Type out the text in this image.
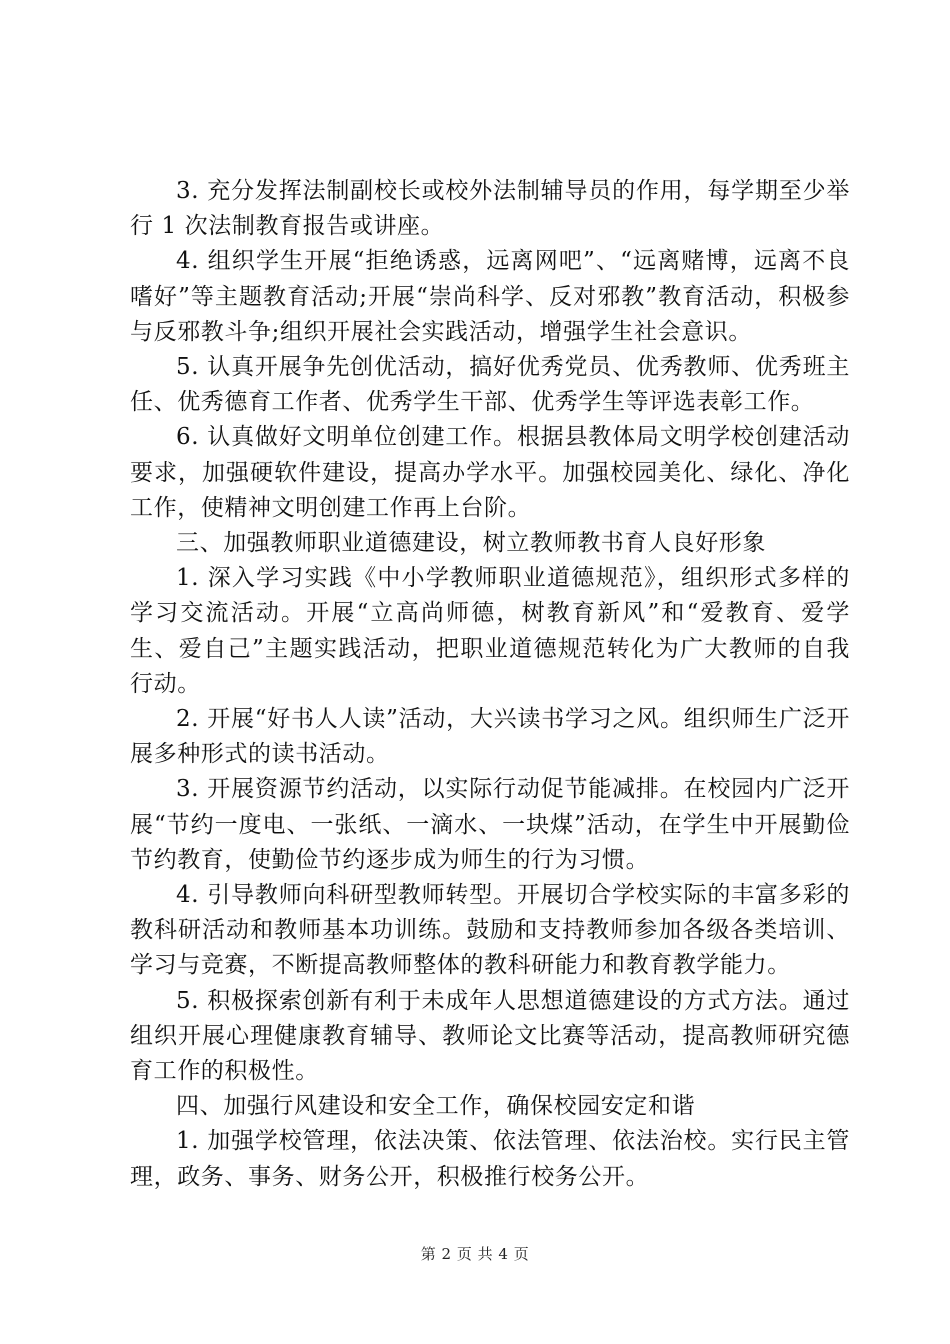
3. 充分发挥法制副校长或校外法制辅导员的作用，每学期至少举行 1 次法制教育报告或讲座。

4. 组织学生开展“拒绝诱惑，远离网吧”、“远离赌博，远离不良嗜好”等主题教育活动;开展“崇尚科学、反对邪教”教育活动，积极参与反邪教斗争;组织开展社会实践活动，增强学生社会意识。

5. 认真开展争先创优活动，搞好优秀党员、优秀教师、优秀班主任、优秀德育工作者、优秀学生干部、优秀学生等评选表彰工作。

6. 认真做好文明单位创建工作。根据县教体局文明学校创建活动要求，加强硬软件建设，提高办学水平。加强校园美化、绿化、净化工作，使精神文明创建工作再上台阶。

三、加强教师职业道德建设，树立教师教书育人良好形象

1. 深入学习实践《中小学教师职业道德规范》，组织形式多样的学习交流活动。开展“立高尚师德，树教育新风”和“爱教育、爱学生、爱自己”主题实践活动，把职业道德规范转化为广大教师的自我行动。

2. 开展“好书人人读”活动，大兴读书学习之风。组织师生广泛开展多种形式的读书活动。

3. 开展资源节约活动，以实际行动促节能减排。在校园内广泛开展“节约一度电、一张纸、一滴水、一块煤”活动，在学生中开展勤俭节约教育，使勤俭节约逐步成为师生的行为习惯。

4. 引导教师向科研型教师转型。开展切合学校实际的丰富多彩的教科研活动和教师基本功训练。鼓励和支持教师参加各级各类培训、学习与竞赛，不断提高教师整体的教科研能力和教育教学能力。

5. 积极探索创新有利于未成年人思想道德建设的方式方法。通过组织开展心理健康教育辅导、教师论文比赛等活动，提高教师研究德育工作的积极性。

四、加强行风建设和安全工作，确保校园安定和谐

1. 加强学校管理，依法决策、依法管理、依法治校。实行民主管理，政务、事务、财务公开，积极推行校务公开。

第 2 页 共 4 页
